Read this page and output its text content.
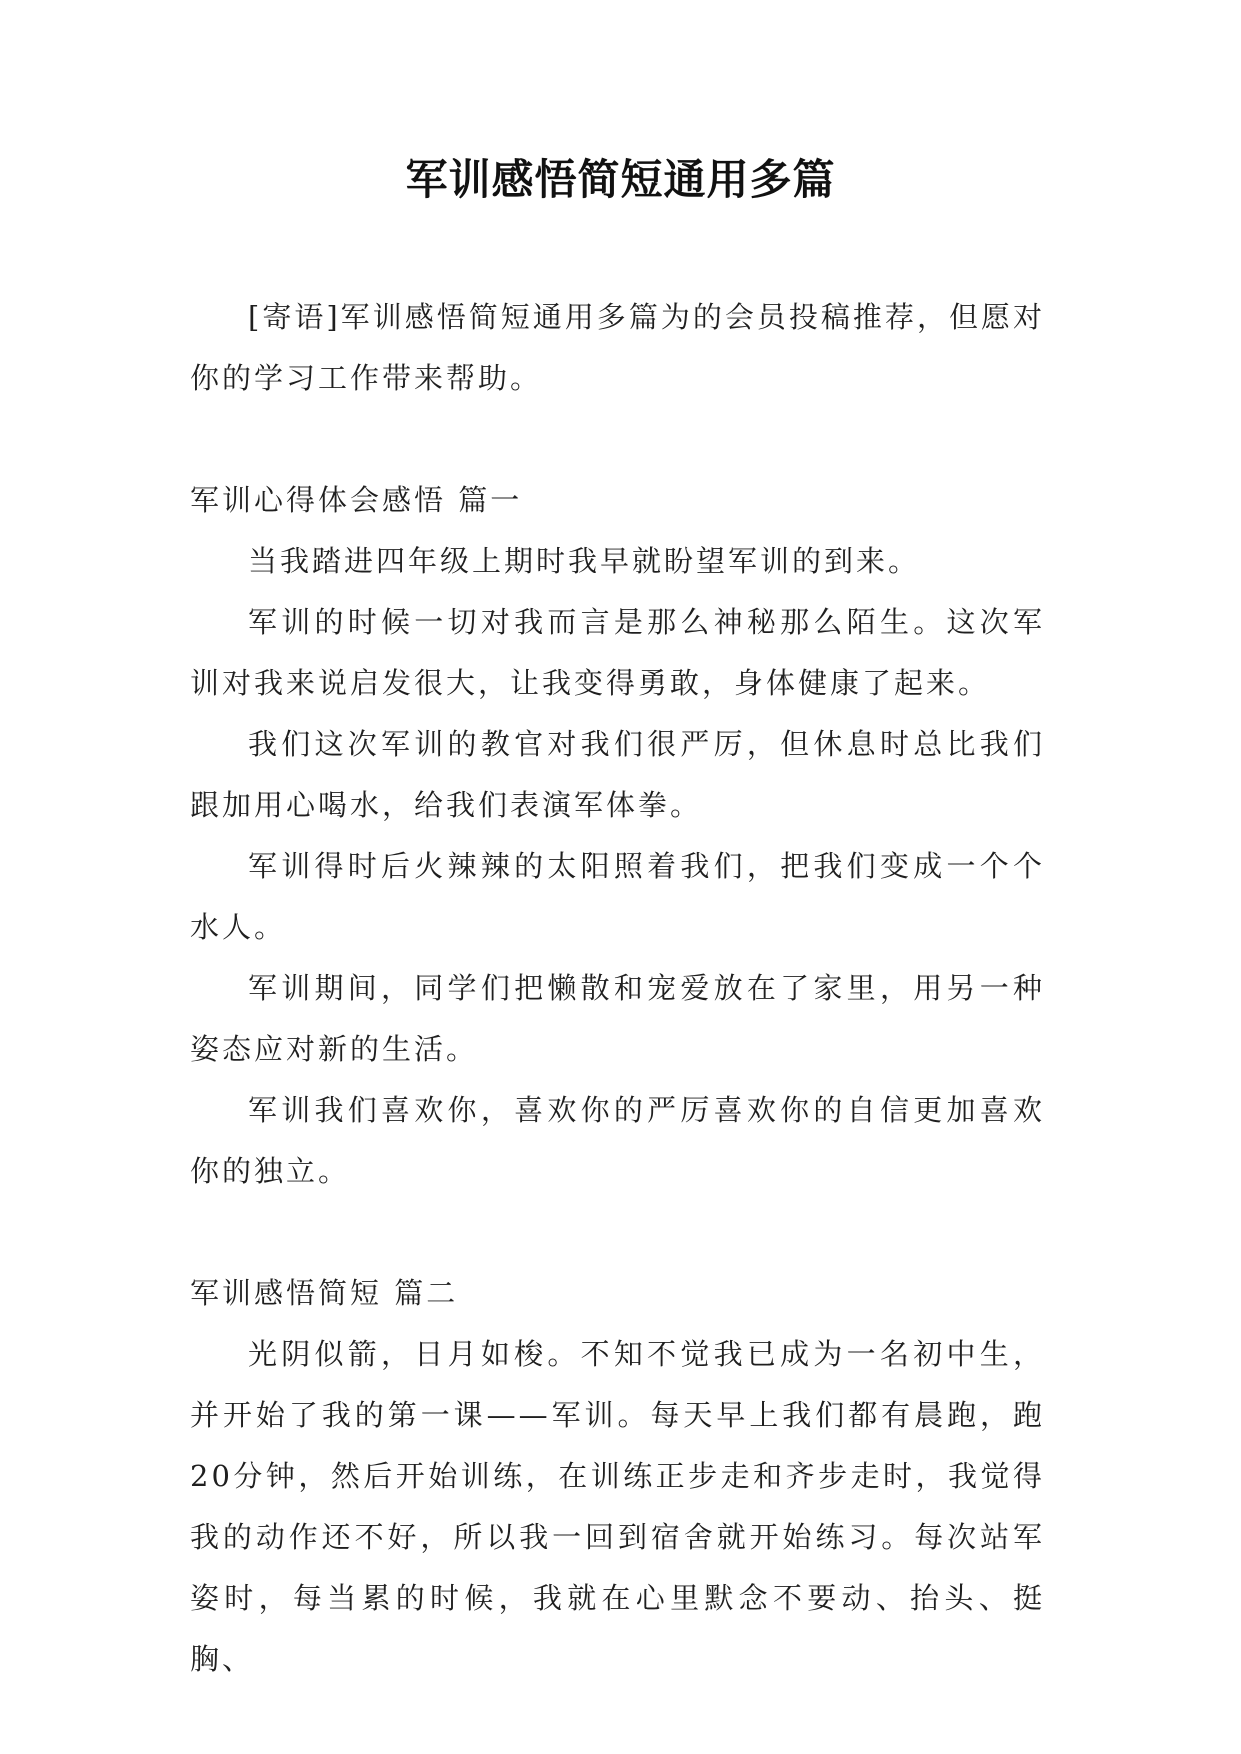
军训感悟简短通用多篇

[寄语]军训感悟简短通用多篇为的会员投稿推荐，但愿对你的学习工作带来帮助。

军训心得体会感悟 篇一

当我踏进四年级上期时我早就盼望军训的到来。

军训的时候一切对我而言是那么神秘那么陌生。这次军训对我来说启发很大，让我变得勇敢，身体健康了起来。

我们这次军训的教官对我们很严厉，但休息时总比我们跟加用心喝水，给我们表演军体拳。

军训得时后火辣辣的太阳照着我们，把我们变成一个个水人。

军训期间，同学们把懒散和宠爱放在了家里，用另一种姿态应对新的生活。

军训我们喜欢你，喜欢你的严厉喜欢你的自信更加喜欢你的独立。

军训感悟简短 篇二

光阴似箭，日月如梭。不知不觉我已成为一名初中生，并开始了我的第一课——军训。每天早上我们都有晨跑，跑20分钟，然后开始训练，在训练正步走和齐步走时，我觉得我的动作还不好，所以我一回到宿舍就开始练习。每次站军姿时，每当累的时候，我就在心里默念不要动、抬头、挺胸、
